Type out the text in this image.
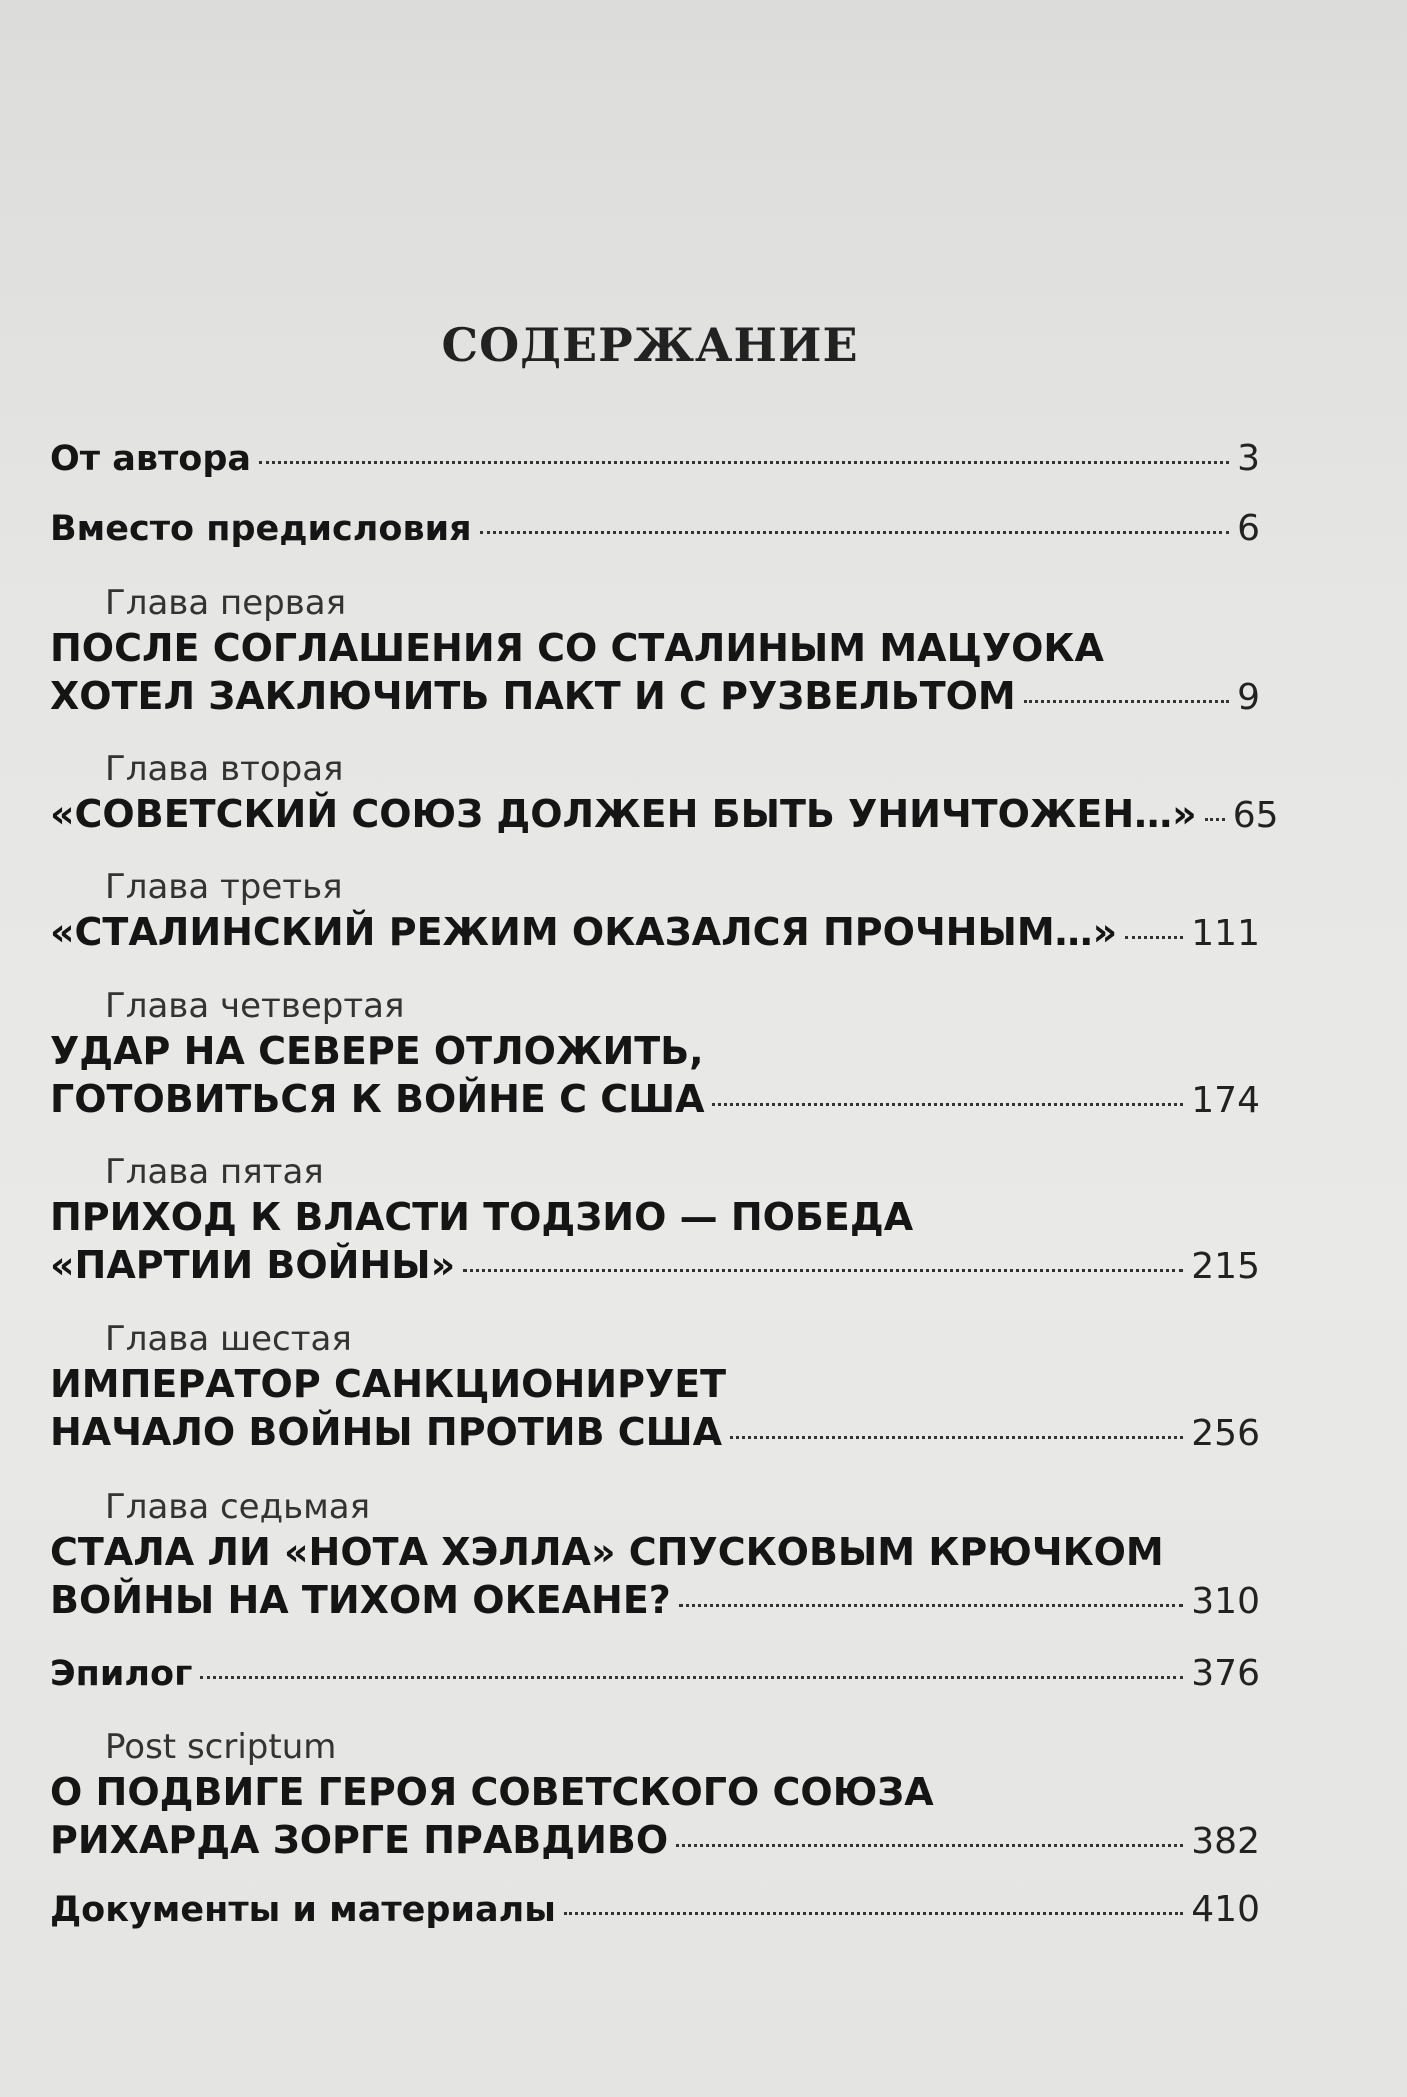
СОДЕРЖАНИЕ
От автора	3
Вместо предисловия	6
Глава первая
ПОСЛЕ СОГЛАШЕНИЯ СО СТАЛИНЫМ МАЦУОКА
ХОТЕЛ ЗАКЛЮЧИТЬ ПАКТ И С РУЗВЕЛЬТОМ	9
Глава вторая
«СОВЕТСКИЙ СОЮЗ ДОЛЖЕН БЫТЬ УНИЧТОЖЕН…» 65
Глава третья
«СТАЛИНСКИЙ РЕЖИМ ОКАЗАЛСЯ ПРОЧНЫМ…» 111
Глава четвертая
УДАР НА СЕВЕРЕ ОТЛОЖИТЬ,
ГОТОВИТЬСЯ К ВОЙНЕ С США	174
Глава пятая
ПРИХОД К ВЛАСТИ ТОДЗИО — ПОБЕДА
«ПАРТИИ ВОЙНЫ»	215
Глава шестая
ИМПЕРАТОР САНКЦИОНИРУЕТ
НАЧАЛО ВОЙНЫ ПРОТИВ США	256
Глава седьмая
СТАЛА ЛИ «НОТА ХЭЛЛА» СПУСКОВЫМ КРЮЧКОМ
ВОЙНЫ НА ТИХОМ ОКЕАНЕ?	310
Эпилог	376
Post scriptum
О ПОДВИГЕ ГЕРОЯ СОВЕТСКОГО СОЮЗА
РИХАРДА ЗОРГЕ ПРАВДИВО	382
Документы и материалы	410
